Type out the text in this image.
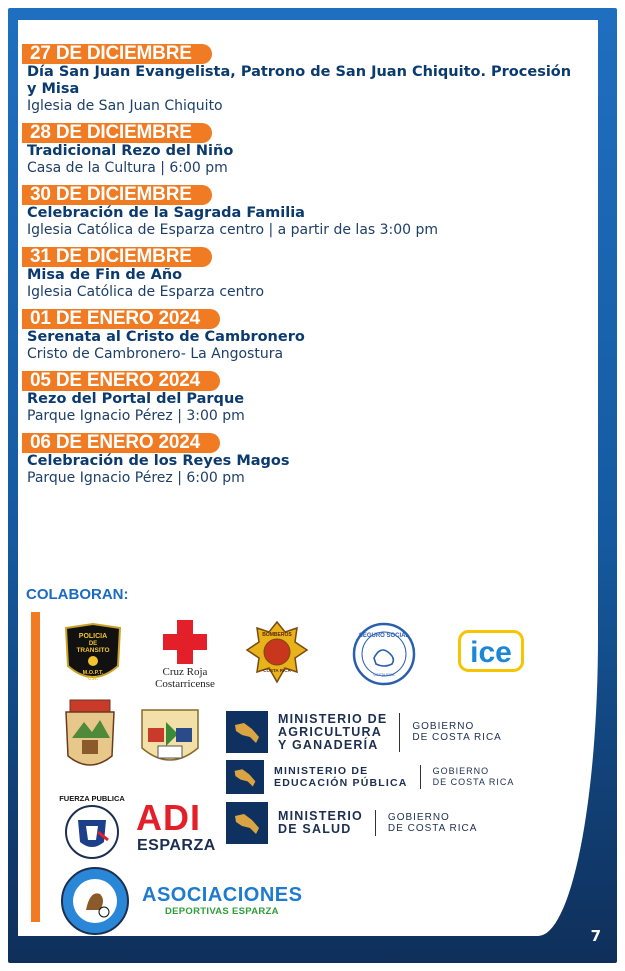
7
27 DE DICIEMBRE
Día San Juan Evangelista, Patrono de San Juan Chiquito. Procesión y Misa
Iglesia de San Juan Chiquito
28 DE DICIEMBRE
Tradicional Rezo del Niño
Casa de la Cultura | 6:00 pm
30 DE DICIEMBRE
Celebración de la Sagrada Familia
Iglesia Católica de Esparza centro | a partir de las 3:00 pm
31 DE DICIEMBRE
Misa de Fin de Año
Iglesia Católica de Esparza centro
01 DE ENERO 2024
Serenata al Cristo de Cambronero
Cristo de Cambronero- La Angostura
05 DE ENERO 2024
Rezo del Portal del Parque
Parque Ignacio Pérez | 3:00 pm
06 DE ENERO 2024
Celebración de los Reyes Magos
Parque Ignacio Pérez | 6:00 pm
COLABORAN:
POLICIA
DE
TRANSITO
M.O.P.T.
C.R.
Cruz Roja
Costarricense
BOMBEROS
COSTA RICA
SEGURO SOCIAL
COSTA RICA
ice
MINISTERIO DE
AGRICULTURA
Y GANADERÍA
GOBIERNO
DE COSTA RICA
MINISTERIO DE
EDUCACIÓN PÚBLICA
GOBIERNO
DE COSTA RICA
MINISTERIO
DE SALUD
GOBIERNO
DE COSTA RICA
FUERZA PUBLICA ADI
ESPARZA
ASOCIACIONES
DEPORTIVAS ESPARZA
